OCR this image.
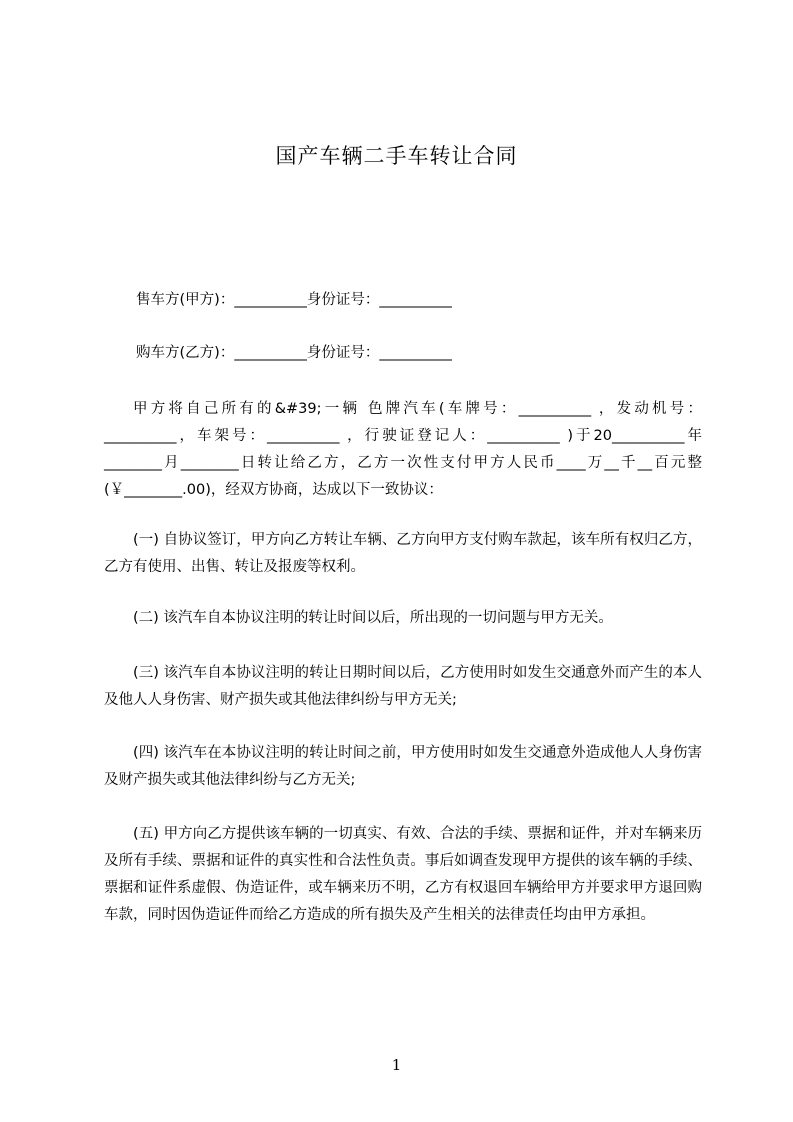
国产车辆二手车转让合同
售车方(甲方)：__________身份证号：__________
购车方(乙方)：__________身份证号：__________
甲方将自己所有的&#39;一辆 色牌汽车(车牌号：__________ ，发动机号： __________，车架号：__________ ，行驶证登记人：__________ )于20__________年________月________日转让给乙方，乙方一次性支付甲方人民币____万__千__百元整(￥________.00)，经双方协商，达成以下一致协议：
(一) 自协议签订，甲方向乙方转让车辆、乙方向甲方支付购车款起，该车所有权归乙方，乙方有使用、出售、转让及报废等权利。
(二) 该汽车自本协议注明的转让时间以后，所出现的一切问题与甲方无关。
(三) 该汽车自本协议注明的转让日期时间以后，乙方使用时如发生交通意外而产生的本人及他人人身伤害、财产损失或其他法律纠纷与甲方无关;
(四) 该汽车在本协议注明的转让时间之前，甲方使用时如发生交通意外造成他人人身伤害及财产损失或其他法律纠纷与乙方无关;
(五) 甲方向乙方提供该车辆的一切真实、有效、合法的手续、票据和证件，并对车辆来历及所有手续、票据和证件的真实性和合法性负责。事后如调查发现甲方提供的该车辆的手续、票据和证件系虚假、伪造证件，或车辆来历不明，乙方有权退回车辆给甲方并要求甲方退回购车款，同时因伪造证件而给乙方造成的所有损失及产生相关的法律责任均由甲方承担。
1
